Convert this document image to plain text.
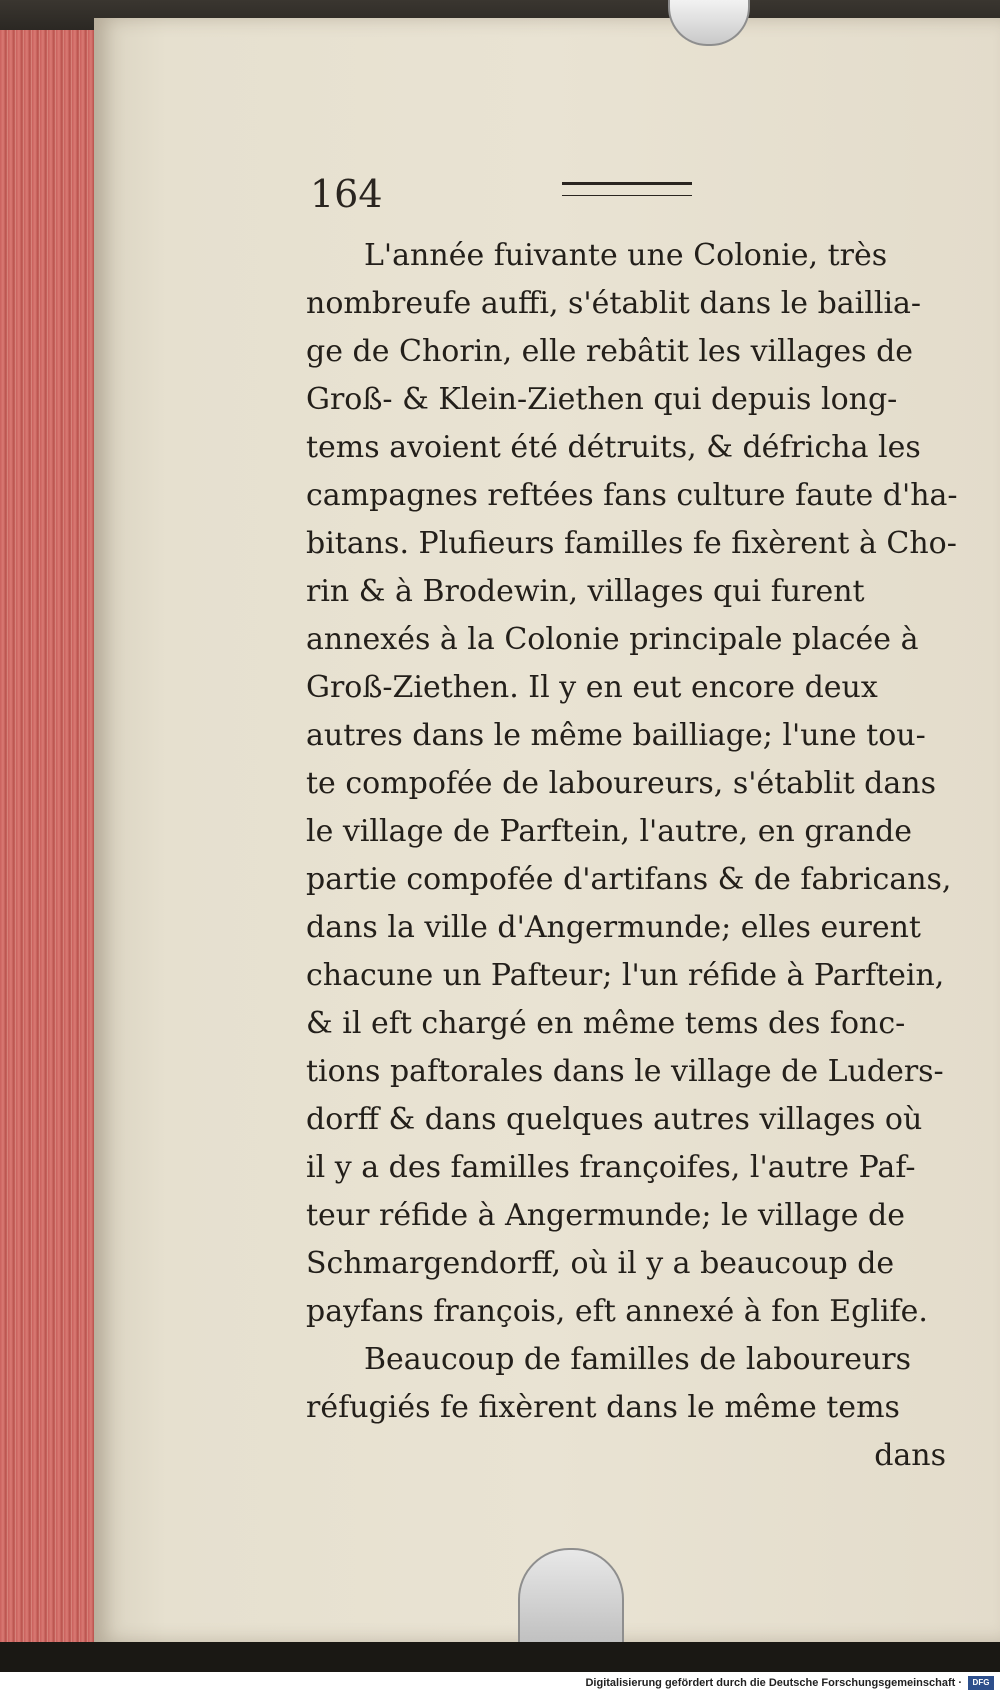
164
L'année fuivante une Colonie, très
nombreufe auffi, s'établit dans le baillia-
ge de Chorin, elle rebâtit les villages de
Groß- & Klein-Ziethen qui depuis long-
tems avoient été détruits, & défricha les
campagnes reftées fans culture faute d'ha-
bitans. Plufieurs familles fe fixèrent à Cho-
rin & à Brodewin, villages qui furent
annexés à la Colonie principale placée à
Groß-Ziethen. Il y en eut encore deux
autres dans le même bailliage; l'une tou-
te compofée de laboureurs, s'établit dans
le village de Parftein, l'autre, en grande
partie compofée d'artifans & de fabricans,
dans la ville d'Angermunde; elles eurent
chacune un Pafteur; l'un réfide à Parftein,
& il eft chargé en même tems des fonc-
tions paftorales dans le village de Luders-
dorff & dans quelques autres villages où
il y a des familles françoifes, l'autre Paf-
teur réfide à Angermunde; le village de
Schmargendorff, où il y a beaucoup de
payfans françois, eft annexé à fon Eglife.
Beaucoup de familles de laboureurs
réfugiés fe fixèrent dans le même tems
dans
Digitalisierung gefördert durch die Deutsche Forschungsgemeinschaft ·	DFG
